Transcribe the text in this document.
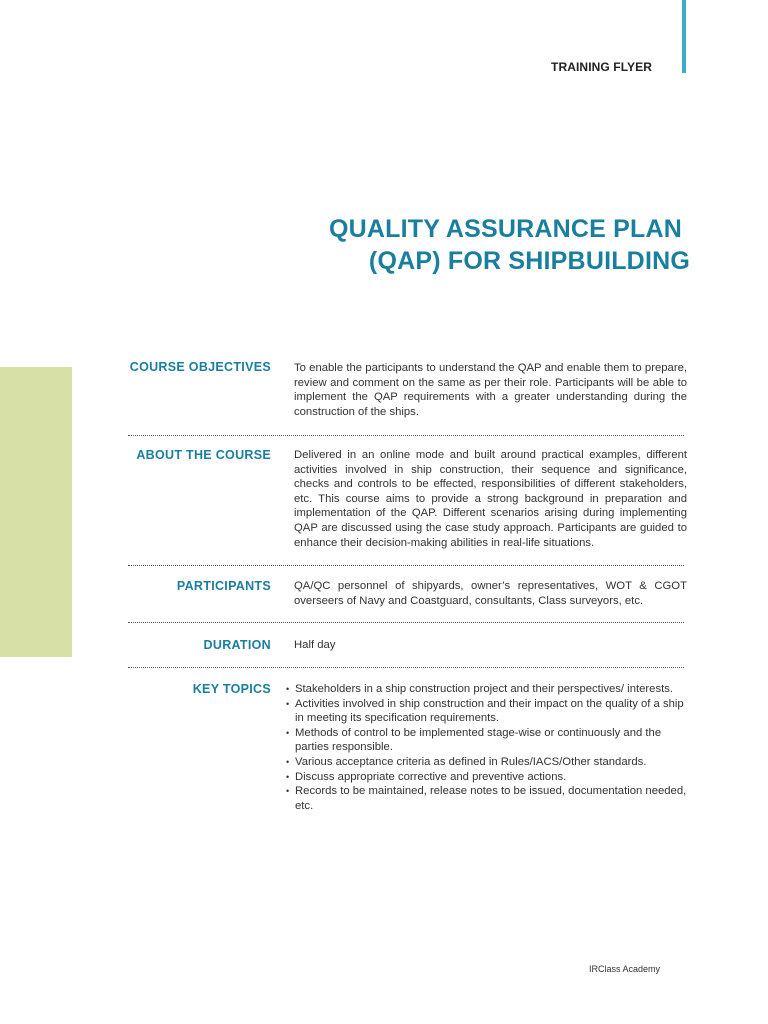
TRAINING FLYER
QUALITY ASSURANCE PLAN
(QAP) FOR SHIPBUILDING
COURSE OBJECTIVES To enable the participants to understand the QAP and enable them to prepare, review and comment on the same as per their role. Participants will be able to implement the QAP requirements with a greater understanding during the construction of the ships.
ABOUT THE COURSE Delivered in an online mode and built around practical examples, different activities involved in ship construction, their sequence and significance, checks and controls to be effected, responsibilities of different stakeholders, etc. This course aims to provide a strong background in preparation and implementation of the QAP. Different scenarios arising during implementing QAP are discussed using the case study approach. Participants are guided to enhance their decision-making abilities in real-life situations.
PARTICIPANTS QA/QC personnel of shipyards, owner’s representatives, WOT & CGOT overseers of Navy and Coastguard, consultants, Class surveyors, etc.
DURATION Half day
KEY TOPICS
•	Stakeholders in a ship construction project and their perspectives/ interests.
• Activities involved in ship construction and their impact on the quality of a ship in meeting its specification requirements.
• Methods of control to be implemented stage-wise or continuously and the parties responsible.
• Various acceptance criteria as defined in Rules/IACS/Other standards.
• Discuss appropriate corrective and preventive actions.
• Records to be maintained, release notes to be issued, documentation needed, etc.
IRClass Academy
